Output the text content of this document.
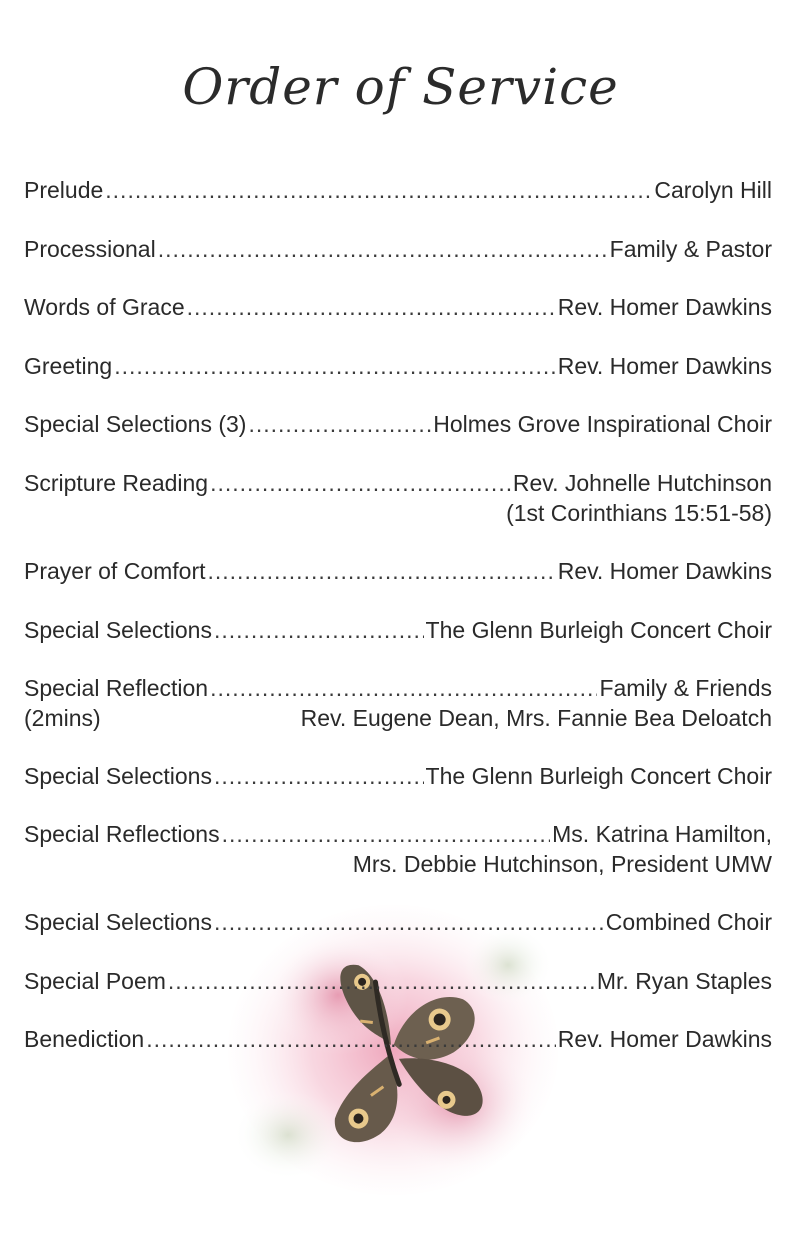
Order of Service
Prelude .....	Carolyn Hill
Processional .....	Family & Pastor
Words of Grace .....	Rev. Homer Dawkins
Greeting .....	Rev. Homer Dawkins
Special Selections (3) .....	Holmes Grove Inspirational Choir
Scripture Reading .....	Rev. Johnelle Hutchinson
(1st Corinthians 15:51-58)
Prayer of Comfort .....	Rev. Homer Dawkins
Special Selections .....	The Glenn Burleigh Concert Choir
Special Reflection .....	Family & Friends
(2mins)	Rev. Eugene Dean, Mrs. Fannie Bea Deloatch
Special Selections .....	The Glenn Burleigh Concert Choir
Special Reflections .....	Ms. Katrina Hamilton,
Mrs. Debbie Hutchinson, President UMW
Special Selections .....	Combined Choir
Special Poem .....	Mr. Ryan Staples
Benediction .....	Rev. Homer Dawkins
